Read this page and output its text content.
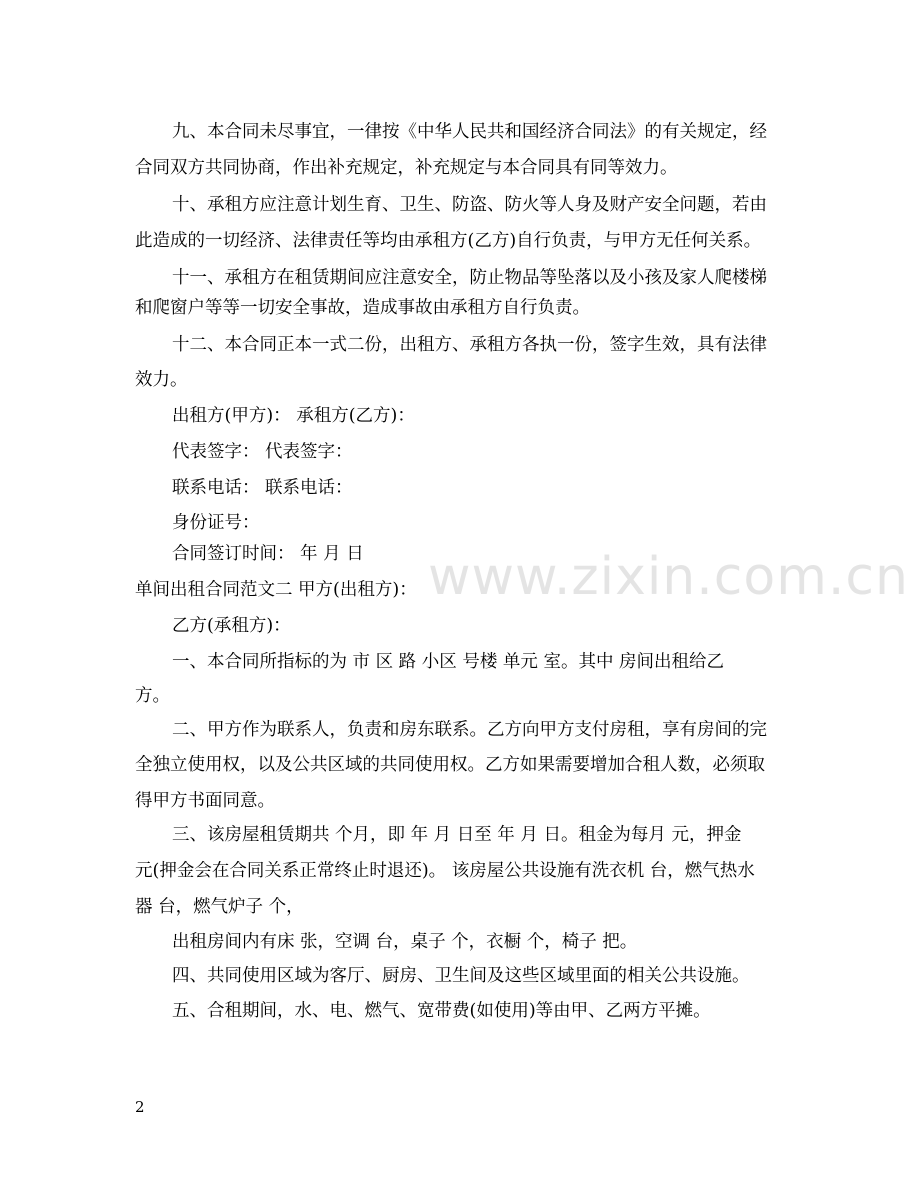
www.zixin.com.cn
九、本合同未尽事宜，一律按《中华人民共和国经济合同法》的有关规定，经
合同双方共同协商，作出补充规定，补充规定与本合同具有同等效力。
十、承租方应注意计划生育、卫生、防盗、防火等人身及财产安全问题，若由
此造成的一切经济、法律责任等均由承租方(乙方)自行负责，与甲方无任何关系。
十一、承租方在租赁期间应注意安全，防止物品等坠落以及小孩及家人爬楼梯
和爬窗户等等一切安全事故，造成事故由承租方自行负责。
十二、本合同正本一式二份，出租方、承租方各执一份，签字生效，具有法律
效力。
出租方(甲方)： 承租方(乙方)：
代表签字： 代表签字：
联系电话： 联系电话：
身份证号：
合同签订时间： 年 月 日
单间出租合同范文二 甲方(出租方)：
乙方(承租方)：
一、本合同所指标的为 市 区 路 小区 号楼 单元 室。其中 房间出租给乙
方。
二、甲方作为联系人，负责和房东联系。乙方向甲方支付房租，享有房间的完
全独立使用权，以及公共区域的共同使用权。乙方如果需要增加合租人数，必须取
得甲方书面同意。
三、该房屋租赁期共 个月，即 年 月 日至 年 月 日。租金为每月 元，押金
元(押金会在合同关系正常终止时退还)。 该房屋公共设施有洗衣机 台，燃气热水
器 台，燃气炉子 个，
出租房间内有床 张，空调 台，桌子 个，衣橱 个，椅子 把。
四、共同使用区域为客厅、厨房、卫生间及这些区域里面的相关公共设施。
五、合租期间，水、电、燃气、宽带费(如使用)等由甲、乙两方平摊。
2
